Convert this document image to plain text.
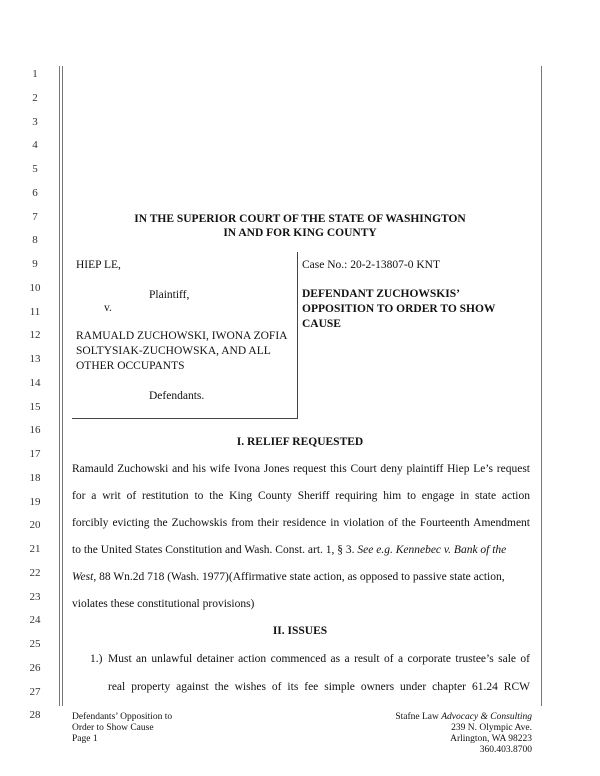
1
2
3
4
5
6
7
8
9
10
11
12
13
14
15
16
17
18
19
20
21
22
23
24
25
26
27
28
IN THE SUPERIOR COURT OF THE STATE OF WASHINGTON
IN AND FOR KING COUNTY
HIEP LE,
Plaintiff,
v.
RAMUALD ZUCHOWSKI, IWONA ZOFIA
SOLTYSIAK-ZUCHOWSKA, AND ALL
OTHER OCCUPANTS
Defendants.
Case No.: 20-2-13807-0 KNT
DEFENDANT ZUCHOWSKIS’
OPPOSITION TO ORDER TO SHOW
CAUSE
I. RELIEF REQUESTED
Ramauld Zuchowski and his wife Ivona Jones request this Court deny plaintiff Hiep Le’s request
for a writ of restitution to the King County Sheriff requiring him to engage in state action
forcibly evicting the Zuchowskis from their residence in violation of the Fourteenth Amendment
to the United States Constitution and Wash. Const. art. 1, § 3. See e.g. Kennebec v. Bank of the
West, 88 Wn.2d 718 (Wash. 1977)(Affirmative state action, as opposed to passive state action,
violates these constitutional provisions)
II. ISSUES
1.) Must an unlawful detainer action commenced as a result of a corporate trustee’s sale of
real property against the wishes of its fee simple owners under chapter 61.24 RCW
Defendants’ Opposition to
Order to Show Cause
Page 1
Stafne Law Advocacy & Consulting
239 N. Olympic Ave.
Arlington, WA 98223
360.403.8700
